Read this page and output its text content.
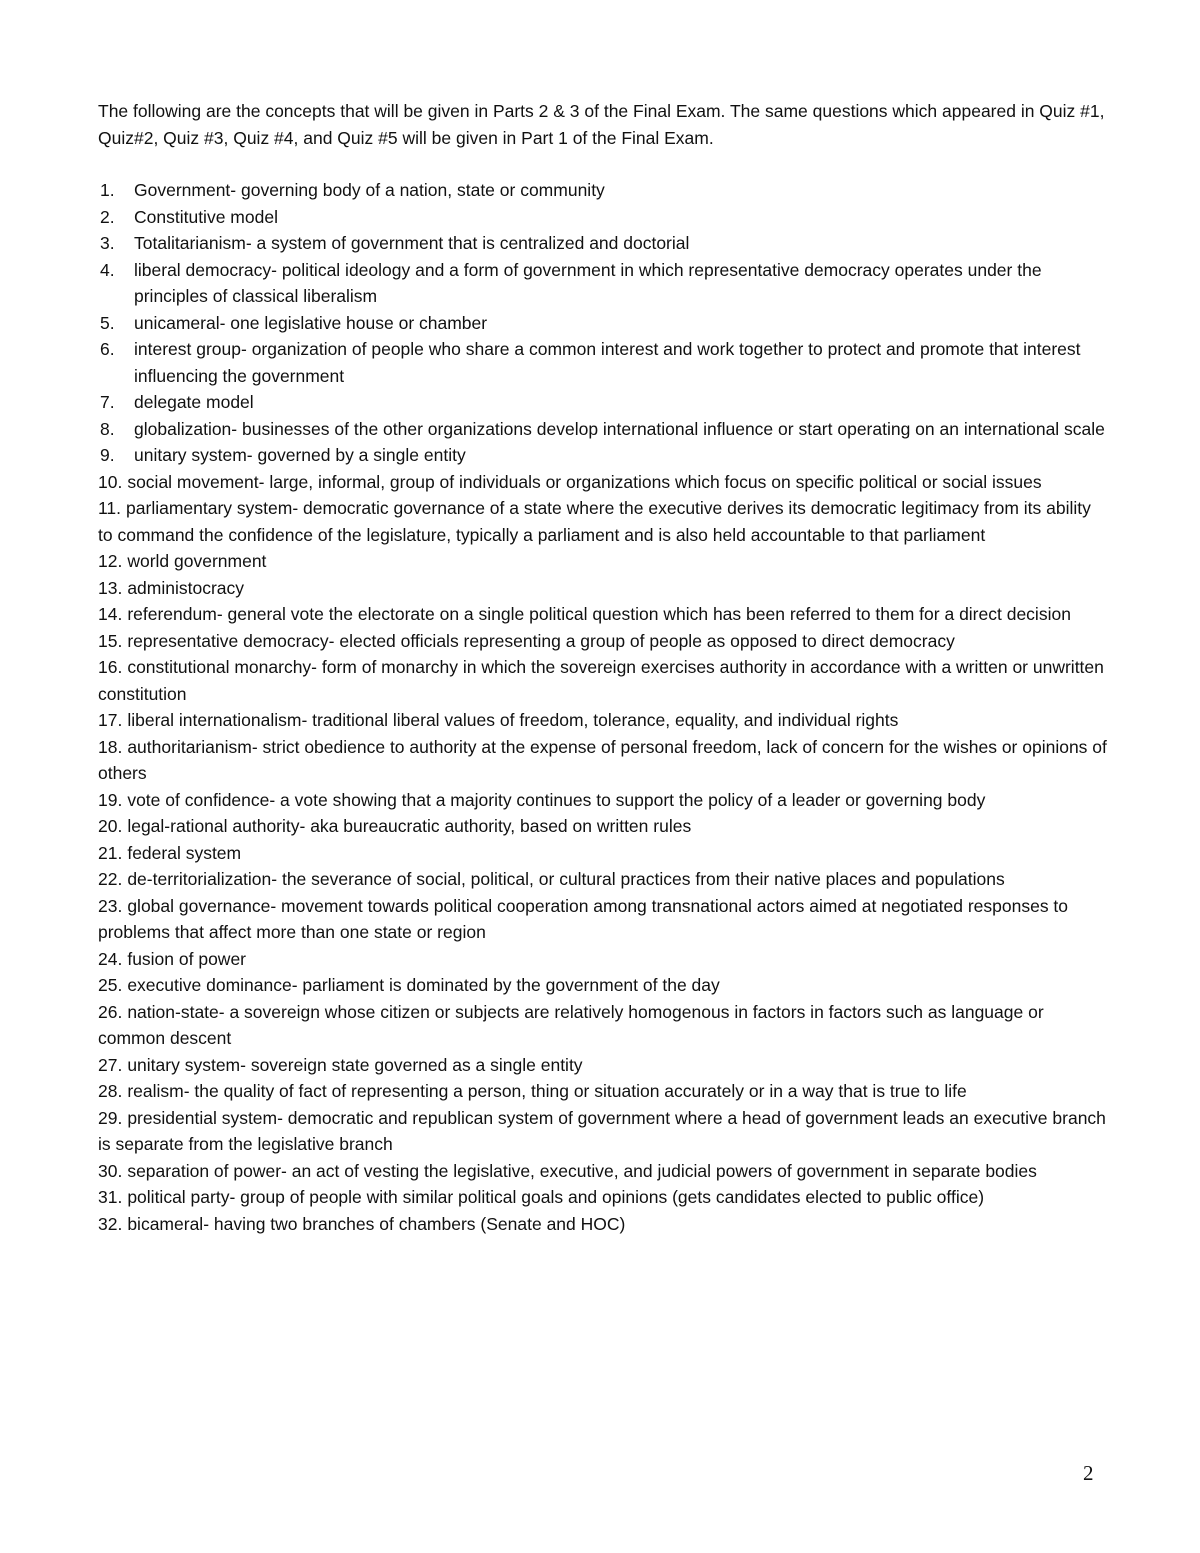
The following are the concepts that will be given in Parts 2 & 3 of the Final Exam. The same questions which appeared in Quiz #1, Quiz#2, Quiz #3, Quiz #4, and Quiz #5 will be given in Part 1 of the Final Exam.

1.	Government- governing body of a nation, state or community
2.	Constitutive model
3.	Totalitarianism- a system of government that is centralized and doctorial
4.	liberal democracy- political ideology and a form of government in which representative democracy operates under the principles of classical liberalism
5.	unicameral- one legislative house or chamber
6.	interest group- organization of people who share a common interest and work together to protect and promote that interest influencing the government
7.	delegate model
8.	globalization- businesses of the other organizations develop international influence or start operating on an international scale
9.	unitary system- governed by a single entity
10. social movement- large, informal, group of individuals or organizations which focus on specific political or social issues
11. parliamentary system- democratic governance of a state where the executive derives its democratic legitimacy from its ability to command the confidence of the legislature, typically a parliament and is also held accountable to that parliament
12. world government
13. administocracy
14. referendum- general vote the electorate on a single political question which has been referred to them for a direct decision
15. representative democracy- elected officials representing a group of people as opposed to direct democracy
16. constitutional monarchy- form of monarchy in which the sovereign exercises authority in accordance with a written or unwritten constitution
17. liberal internationalism- traditional liberal values of freedom, tolerance, equality, and individual rights
18. authoritarianism- strict obedience to authority at the expense of personal freedom, lack of concern for the wishes or opinions of others
19. vote of confidence- a vote showing that a majority continues to support the policy of a leader or governing body
20. legal-rational authority- aka bureaucratic authority, based on written rules
21. federal system
22. de-territorialization- the severance of social, political, or cultural practices from their native places and populations
23. global governance- movement towards political cooperation among transnational actors aimed at negotiated responses to problems that affect more than one state or region
24. fusion of power
25. executive dominance- parliament is dominated by the government of the day
26. nation-state- a sovereign whose citizen or subjects are relatively homogenous in factors in factors such as language or common descent
27. unitary system- sovereign state governed as a single entity
28. realism- the quality of fact of representing a person, thing or situation accurately or in a way that is true to life
29. presidential system- democratic and republican system of government where a head of government leads an executive branch is separate from the legislative branch
30. separation of power- an act of vesting the legislative, executive, and judicial powers of government in separate bodies
31. political party- group of people with similar political goals and opinions (gets candidates elected to public office)
32. bicameral- having two branches of chambers (Senate and HOC)
2
